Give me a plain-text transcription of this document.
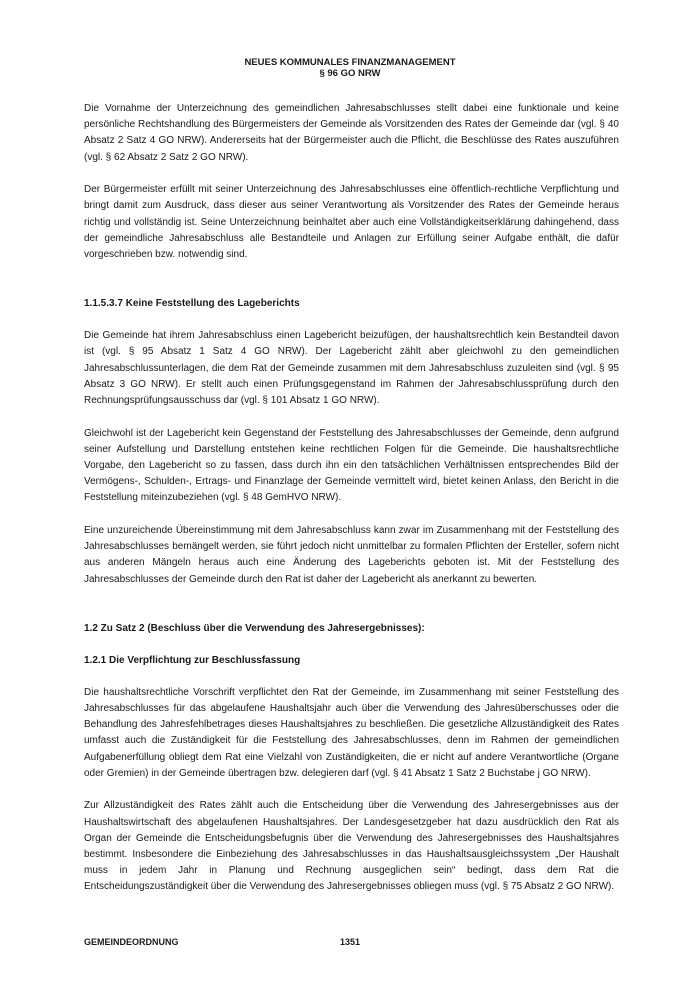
NEUES KOMMUNALES FINANZMANAGEMENT
§ 96 GO NRW

Die Vornahme der Unterzeichnung des gemeindlichen Jahresabschlusses stellt dabei eine funktionale und keine persönliche Rechtshandlung des Bürgermeisters der Gemeinde als Vorsitzenden des Rates der Gemeinde dar (vgl. § 40 Absatz 2 Satz 4 GO NRW). Andererseits hat der Bürgermeister auch die Pflicht, die Beschlüsse des Rates auszuführen (vgl. § 62 Absatz 2 Satz 2 GO NRW).

Der Bürgermeister erfüllt mit seiner Unterzeichnung des Jahresabschlusses eine öffentlich-rechtliche Verpflichtung und bringt damit zum Ausdruck, dass dieser aus seiner Verantwortung als Vorsitzender des Rates der Gemeinde heraus richtig und vollständig ist. Seine Unterzeichnung beinhaltet aber auch eine Vollständigkeitserklärung dahingehend, dass der gemeindliche Jahresabschluss alle Bestandteile und Anlagen zur Erfüllung seiner Aufgabe enthält, die dafür vorgeschrieben bzw. notwendig sind.

1.1.5.3.7 Keine Feststellung des Lageberichts

Die Gemeinde hat ihrem Jahresabschluss einen Lagebericht beizufügen, der haushaltsrechtlich kein Bestandteil davon ist (vgl. § 95 Absatz 1 Satz 4 GO NRW). Der Lagebericht zählt aber gleichwohl zu den gemeindlichen Jahresabschlussunterlagen, die dem Rat der Gemeinde zusammen mit dem Jahresabschluss zuzuleiten sind (vgl. § 95 Absatz 3 GO NRW). Er stellt auch einen Prüfungsgegenstand im Rahmen der Jahresabschlussprüfung durch den Rechnungsprüfungsausschuss dar (vgl. § 101 Absatz 1 GO NRW).

Gleichwohl ist der Lagebericht kein Gegenstand der Feststellung des Jahresabschlusses der Gemeinde, denn aufgrund seiner Aufstellung und Darstellung entstehen keine rechtlichen Folgen für die Gemeinde. Die haushaltsrechtliche Vorgabe, den Lagebericht so zu fassen, dass durch ihn ein den tatsächlichen Verhältnissen entsprechendes Bild der Vermögens-, Schulden-, Ertrags- und Finanzlage der Gemeinde vermittelt wird, bietet keinen Anlass, den Bericht in die Feststellung miteinzubeziehen (vgl. § 48 GemHVO NRW).

Eine unzureichende Übereinstimmung mit dem Jahresabschluss kann zwar im Zusammenhang mit der Feststellung des Jahresabschlusses bemängelt werden, sie führt jedoch nicht unmittelbar zu formalen Pflichten der Ersteller, sofern nicht aus anderen Mängeln heraus auch eine Änderung des Lageberichts geboten ist. Mit der Feststellung des Jahresabschlusses der Gemeinde durch den Rat ist daher der Lagebericht als anerkannt zu bewerten.

1.2 Zu Satz 2 (Beschluss über die Verwendung des Jahresergebnisses):
1.2.1 Die Verpflichtung zur Beschlussfassung

Die haushaltsrechtliche Vorschrift verpflichtet den Rat der Gemeinde, im Zusammenhang mit seiner Feststellung des Jahresabschlusses für das abgelaufene Haushaltsjahr auch über die Verwendung des Jahresüberschusses oder die Behandlung des Jahresfehlbetrages dieses Haushaltsjahres zu beschließen. Die gesetzliche Allzuständigkeit des Rates umfasst auch die Zuständigkeit für die Feststellung des Jahresabschlusses, denn im Rahmen der gemeindlichen Aufgabenerfüllung obliegt dem Rat eine Vielzahl von Zuständigkeiten, die er nicht auf andere Verantwortliche (Organe oder Gremien) in der Gemeinde übertragen bzw. delegieren darf (vgl. § 41 Absatz 1 Satz 2 Buchstabe j GO NRW).

Zur Allzuständigkeit des Rates zählt auch die Entscheidung über die Verwendung des Jahresergebnisses aus der Haushaltswirtschaft des abgelaufenen Haushaltsjahres. Der Landesgesetzgeber hat dazu ausdrücklich den Rat als Organ der Gemeinde die Entscheidungsbefugnis über die Verwendung des Jahresergebnisses des Haushaltsjahres bestimmt. Insbesondere die Einbeziehung des Jahresabschlusses in das Haushaltsausgleichssystem „Der Haushalt muss in jedem Jahr in Planung und Rechnung ausgeglichen sein“ bedingt, dass dem Rat die Entscheidungszuständigkeit über die Verwendung des Jahresergebnisses obliegen muss (vgl. § 75 Absatz 2 GO NRW).

GEMEINDEORDNUNG	1351
